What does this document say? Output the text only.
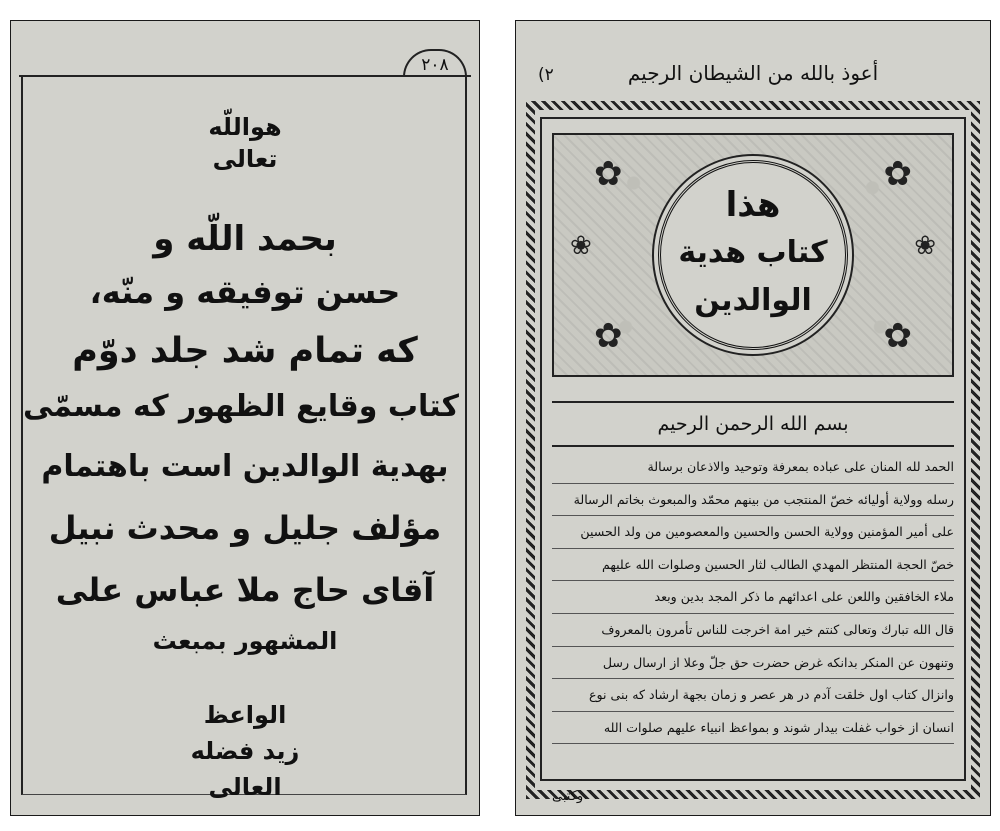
۲۰۸
هواللّه
تعالی
بحمد اللّه و
حسن توفیقه و منّه،
که تمام شد جلد دوّم
کتاب وقایع الظهور که مسمّی
بهدیة الوالدین است باهتمام
مؤلف جلیل و محدث نبیل
آقای حاج ملا عباس علی
المشهور بمبعث
الواعظ
زید فضله
العالی
أعوذ بالله من الشيطان الرجيم
(۲
✿	✿
✿	✿
❀	❀
هذا
کتاب هدیة
الوالدین
بسم الله الرحمن الرحيم
الحمد لله المنان على عباده بمعرفة وتوحيد والاذعان برسالة
رسله وولاية أوليائه خصّ المنتجب من بينهم محمّد والمبعوث بخاتم الرسالة
على أمير المؤمنين وولاية الحسن والحسين والمعصومين من ولد الحسين
خصّ الحجة المنتظر المهدي الطالب لثار الحسين وصلوات الله عليهم
ملاء الخافقين واللعن على اعدائهم ما ذكر المجد بدين وبعد
قال الله تبارك وتعالى كنتم خير امة اخرجت للناس تأمرون بالمعروف
وتنهون عن المنكر بدانکه غرض حضرت حق جلّ وعلا از ارسال رسل
وانزال کتاب اول خلقت آدم در هر عصر و زمان بجهة ارشاد که بنی نوع
انسان از خواب غفلت بیدار شوند و بمواعظ انبیاء علیهم صلوات الله
وکتبی
